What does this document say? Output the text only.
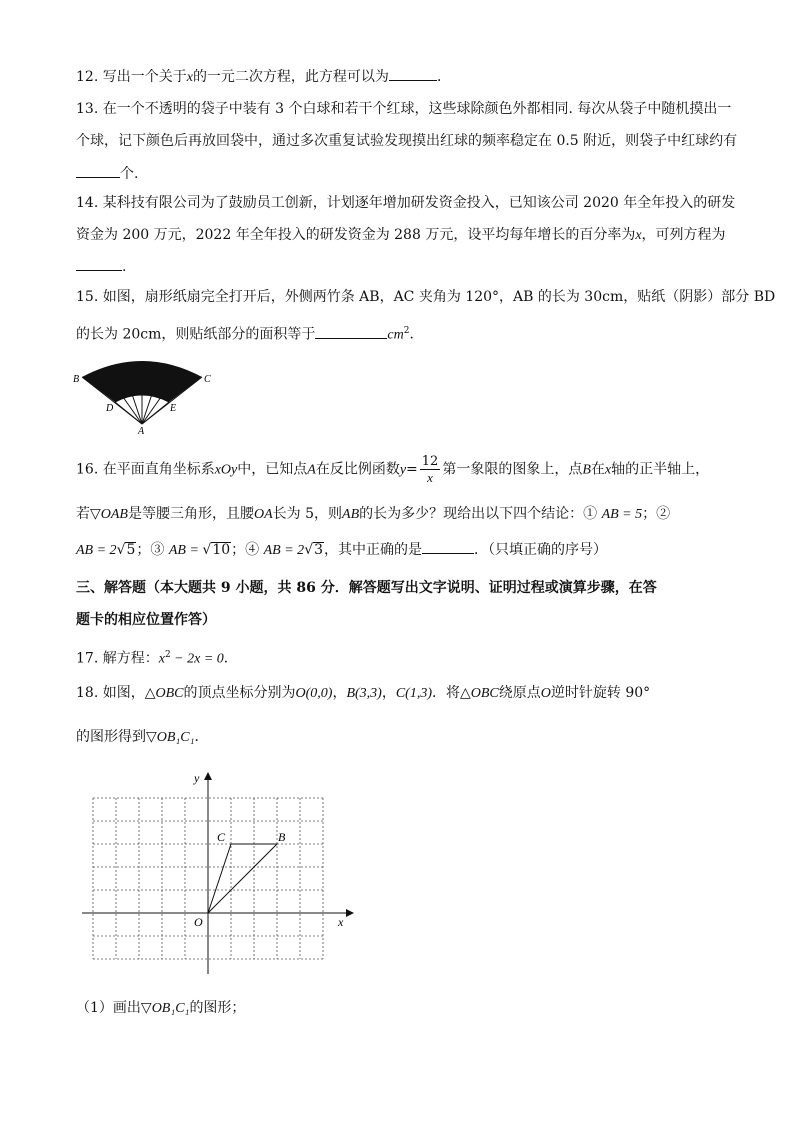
12. 写出一个关于x的一元二次方程，此方程可以为	．
13. 在一个不透明的袋子中装有 3 个白球和若干个红球，这些球除颜色外都相同. 每次从袋子中随机摸出一
个球，记下颜色后再放回袋中，通过多次重复试验发现摸出红球的频率稳定在 0.5 附近，则袋子中红球约有
个.
14. 某科技有限公司为了鼓励员工创新，计划逐年增加研发资金投入，已知该公司 2020 年全年投入的研发
资金为 200 万元，2022 年全年投入的研发资金为 288 万元，设平均每年增长的百分率为x，可列方程为
.
15. 如图，扇形纸扇完全打开后，外侧两竹条 AB，AC 夹角为 120°，AB 的长为 30cm，贴纸（阴影）部分 BD
的长为 20cm，则贴纸部分的面积等于	$cm^2$．
B	C
D	E
A
16. 在平面直角坐标系xOy中，已知点A在反比例函数$y= \frac{12}{x}$ 第一象限的图象上，点B在x轴的正半轴上，
若▽OAB是等腰三角形，且腰OA长为 5，则AB的长为多少？现给出以下四个结论：① AB = 5；②
AB = 2√5；③ AB = √10；④ AB = 2√3，其中正确的是	．（只填正确的序号）
三、解答题（本大题共 9 小题，共 86 分．解答题写出文字说明、证明过程或演算步骤，在答
题卡的相应位置作答）
17. 解方程：$x^2 - 2x = 0$．
18. 如图，△OBC的顶点坐标分别为O(0,0)，B(3,3)，C(1,3)．将△OBC绕原点O逆时针旋转 90°
的图形得到▽OB₁C₁．
y
x
O
B
C
（1）画出▽OB₁C₁的图形；
